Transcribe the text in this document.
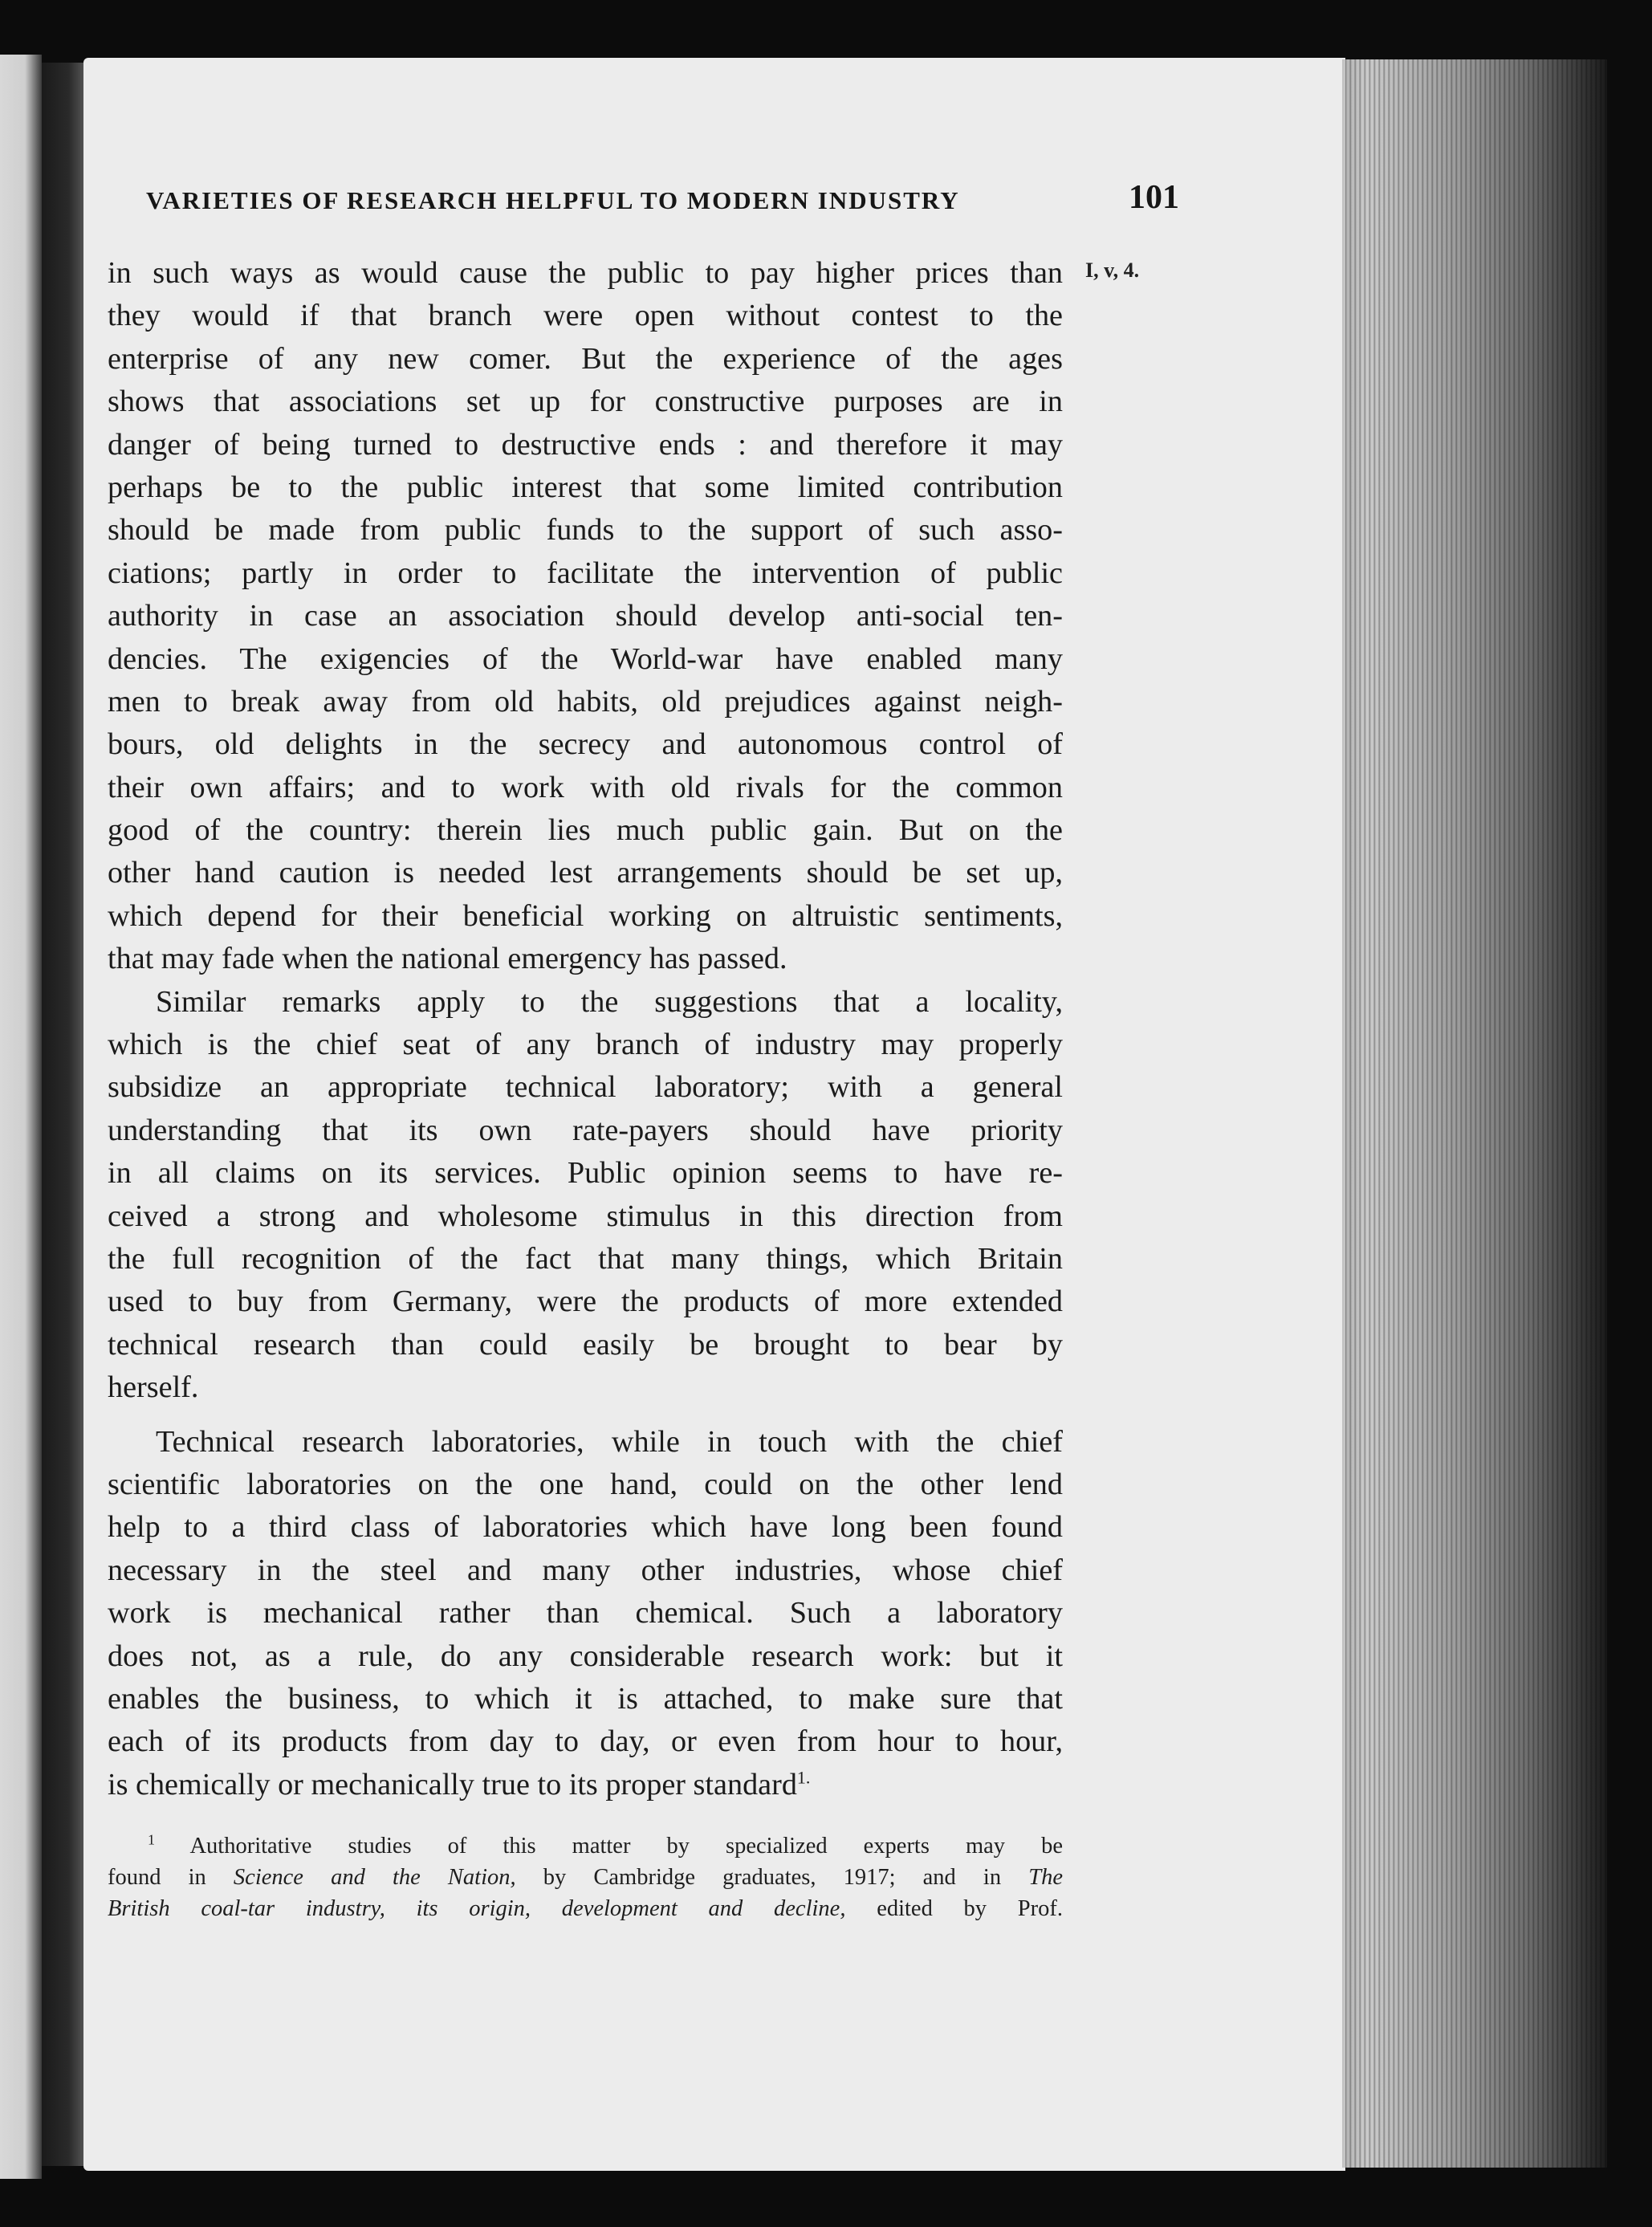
VARIETIES OF RESEARCH HELPFUL TO MODERN INDUSTRY	101
I, v, 4.
in such ways as would cause the public to pay higher prices than
they would if that branch were open without contest to the
enterprise of any new comer. But the experience of the ages
shows that associations set up for constructive purposes are in
danger of being turned to destructive ends : and therefore it may
perhaps be to the public interest that some limited contribution
should be made from public funds to the support of such asso-
ciations; partly in order to facilitate the intervention of public
authority in case an association should develop anti-social ten-
dencies. The exigencies of the World-war have enabled many
men to break away from old habits, old prejudices against neigh-
bours, old delights in the secrecy and autonomous control of
their own affairs; and to work with old rivals for the common
good of the country: therein lies much public gain. But on the
other hand caution is needed lest arrangements should be set up,
which depend for their beneficial working on altruistic sentiments,
that may fade when the national emergency has passed.
Similar remarks apply to the suggestions that a locality,
which is the chief seat of any branch of industry may properly
subsidize an appropriate technical laboratory; with a general
understanding that its own rate-payers should have priority
in all claims on its services. Public opinion seems to have re-
ceived a strong and wholesome stimulus in this direction from
the full recognition of the fact that many things, which Britain
used to buy from Germany, were the products of more extended
technical research than could easily be brought to bear by
herself.
Technical research laboratories, while in touch with the chief
scientific laboratories on the one hand, could on the other lend
help to a third class of laboratories which have long been found
necessary in the steel and many other industries, whose chief
work is mechanical rather than chemical. Such a laboratory
does not, as a rule, do any considerable research work: but it
enables the business, to which it is attached, to make sure that
each of its products from day to day, or even from hour to hour,
is chemically or mechanically true to its proper standard$^{1.}$
$^1$ Authoritative studies of this matter by specialized experts may be
found in Science and the Nation, by Cambridge graduates, 1917; and in The
British coal-tar industry, its origin, development and decline, edited by Prof.
